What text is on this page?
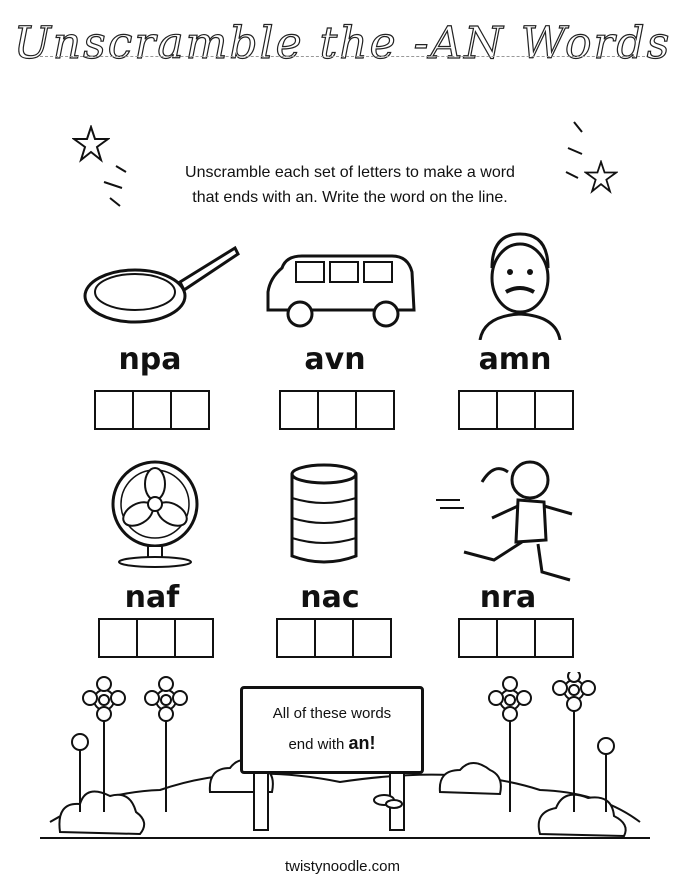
Unscramble the -AN Words
Unscramble each set of letters to make a word
that ends with an. Write the word on the line.
npa	avn	amn
naf	nac	nra
All of these words
end with an!
twistynoodle.com
